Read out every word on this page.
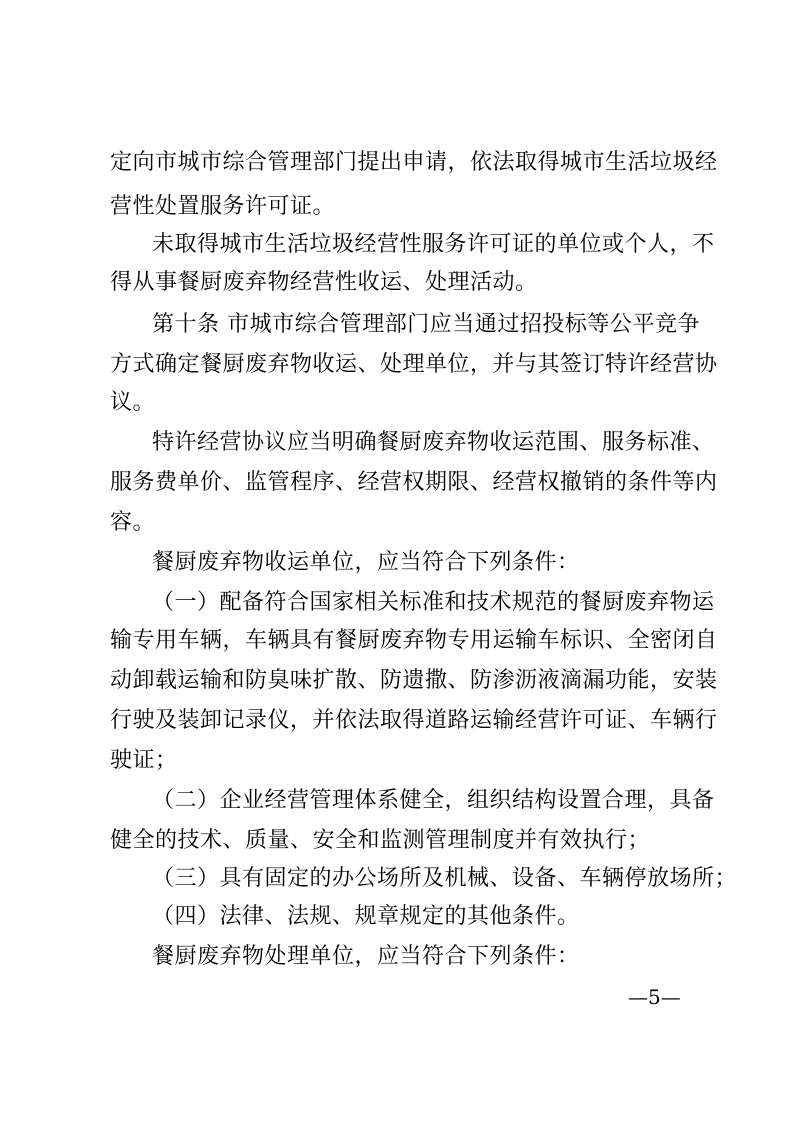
定向市城市综合管理部门提出申请，依法取得城市生活垃圾经
营性处置服务许可证。
未取得城市生活垃圾经营性服务许可证的单位或个人，不
得从事餐厨废弃物经营性收运、处理活动。
第十条 市城市综合管理部门应当通过招投标等公平竞争
方式确定餐厨废弃物收运、处理单位，并与其签订特许经营协
议。
特许经营协议应当明确餐厨废弃物收运范围、服务标准、
服务费单价、监管程序、经营权期限、经营权撤销的条件等内
容。
餐厨废弃物收运单位，应当符合下列条件：
（一）配备符合国家相关标准和技术规范的餐厨废弃物运
输专用车辆，车辆具有餐厨废弃物专用运输车标识、全密闭自
动卸载运输和防臭味扩散、防遗撒、防渗沥液滴漏功能，安装
行驶及装卸记录仪，并依法取得道路运输经营许可证、车辆行
驶证；
（二）企业经营管理体系健全，组织结构设置合理，具备
健全的技术、质量、安全和监测管理制度并有效执行；
（三）具有固定的办公场所及机械、设备、车辆停放场所；
（四）法律、法规、规章规定的其他条件。
餐厨废弃物处理单位，应当符合下列条件：
—5—
